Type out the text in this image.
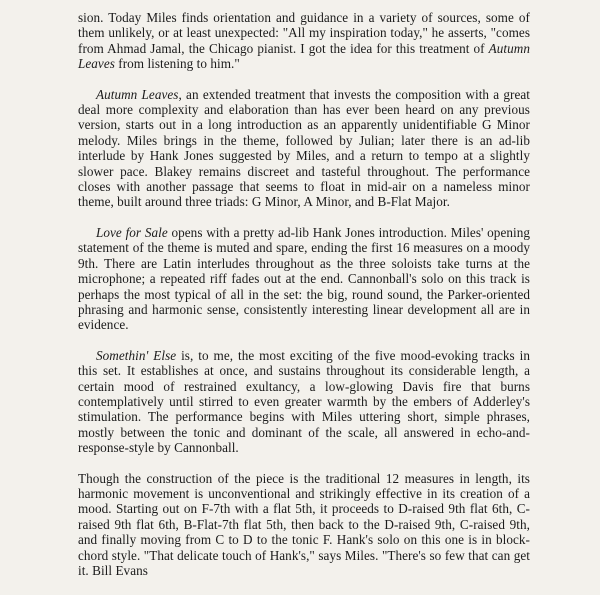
sion. Today Miles finds orientation and guidance in a variety of sources, some of them unlikely, or at least unexpected: "All my inspiration today," he asserts, "comes from Ahmad Jamal, the Chicago pianist. I got the idea for this treatment of Autumn Leaves from listening to him."

Autumn Leaves, an extended treatment that invests the composition with a great deal more complexity and elaboration than has ever been heard on any previous version, starts out in a long introduction as an apparently unidentifiable G Minor melody. Miles brings in the theme, followed by Julian; later there is an ad-lib interlude by Hank Jones suggested by Miles, and a return to tempo at a slightly slower pace. Blakey remains discreet and tasteful throughout. The performance closes with another passage that seems to float in mid-air on a nameless minor theme, built around three triads: G Minor, A Minor, and B-Flat Major.

Love for Sale opens with a pretty ad-lib Hank Jones introduction. Miles' opening statement of the theme is muted and spare, ending the first 16 measures on a moody 9th. There are Latin interludes throughout as the three soloists take turns at the microphone; a repeated riff fades out at the end. Cannonball's solo on this track is perhaps the most typical of all in the set: the big, round sound, the Parker-oriented phrasing and harmonic sense, consistently interesting linear development all are in evidence.

Somethin' Else is, to me, the most exciting of the five mood-evoking tracks in this set. It establishes at once, and sustains throughout its considerable length, a certain mood of restrained exultancy, a low-glowing Davis fire that burns contemplatively until stirred to even greater warmth by the embers of Adderley's stimulation. The performance begins with Miles uttering short, simple phrases, mostly between the tonic and dominant of the scale, all answered in echo-and-response-style by Cannonball.

Though the construction of the piece is the traditional 12 measures in length, its harmonic movement is unconventional and strikingly effective in its creation of a mood. Starting out on F-7th with a flat 5th, it proceeds to D-raised 9th flat 6th, C-raised 9th flat 6th, B-Flat-7th flat 5th, then back to the D-raised 9th, C-raised 9th, and finally moving from C to D to the tonic F. Hank's solo on this one is in block-chord style. "That delicate touch of Hank's," says Miles. "There's so few that can get it. Bill Evans
